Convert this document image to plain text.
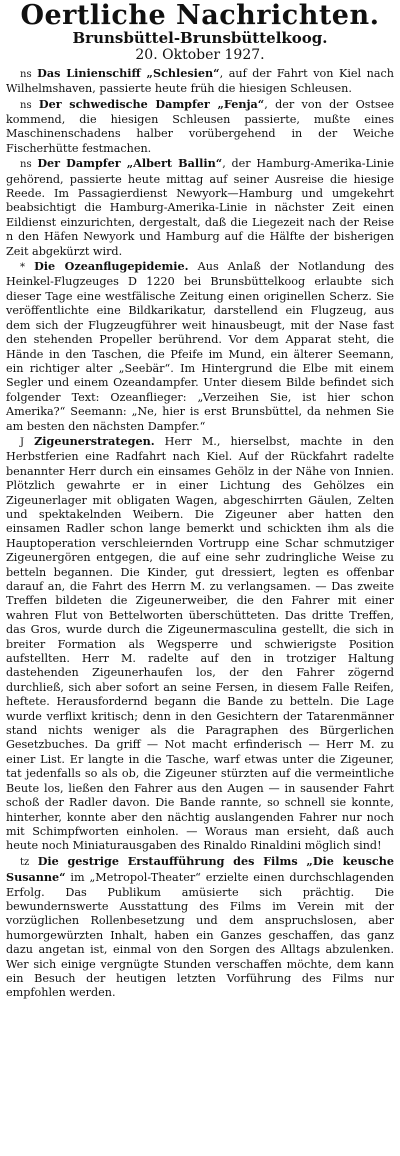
Oertliche Nachrichten.
Brunsbüttel-Brunsbüttelkoog.
20. Oktober 1927.

ns Das Linienschiff „Schlesien“, auf der Fahrt von Kiel nach Wilhelmshaven, passierte heute früh die hiesigen Schleusen.

ns Der schwedische Dampfer „Fenja“, der von der Ostsee kommend, die hiesigen Schleusen passierte, mußte eines Maschinenschadens halber vorübergehend in der Weiche Fischerhütte festmachen.

ns Der Dampfer „Albert Ballin“, der Hamburg-Amerika-Linie gehörend, passierte heute mittag auf seiner Ausreise die hiesige Reede. Im Passagierdienst Newyork—Hamburg und umgekehrt beabsichtigt die Hamburg-Amerika-Linie in nächster Zeit einen Eildienst einzurichten, dergestalt, daß die Liegezeit nach der Reise n den Häfen Newyork und Hamburg auf die Hälfte der bisherigen Zeit abgekürzt wird.

* Die Ozeanflugepidemie. Aus Anlaß der Notlandung des Heinkel-Flugzeuges D 1220 bei Brunsbüttelkoog erlaubte sich dieser Tage eine westfälische Zeitung einen originellen Scherz. Sie veröffentlichte eine Bildkarikatur, darstellend ein Flugzeug, aus dem sich der Flugzeugführer weit hinausbeugt, mit der Nase fast den stehenden Propeller berührend. Vor dem Apparat steht, die Hände in den Taschen, die Pfeife im Mund, ein älterer Seemann, ein richtiger alter „Seebär“. Im Hintergrund die Elbe mit einem Segler und einem Ozeandampfer. Unter diesem Bilde befindet sich folgender Text: Ozeanflieger: „Verzeihen Sie, ist hier schon Amerika?“ Seemann: „Ne, hier is erst Brunsbüttel, da nehmen Sie am besten den nächsten Dampfer.“

J Zigeunerstrategen. Herr M., hierselbst, machte in den Herbstferien eine Radfahrt nach Kiel. Auf der Rückfahrt radelte benannter Herr durch ein einsames Gehölz in der Nähe von Innien. Plötzlich gewahrte er in einer Lichtung des Gehölzes ein Zigeunerlager mit obligaten Wagen, abgeschirrten Gäulen, Zelten und spektakelnden Weibern. Die Zigeuner aber hatten den einsamen Radler schon lange bemerkt und schickten ihm als die Hauptoperation verschleiernden Vortrupp eine Schar schmutziger Zigeunergören entgegen, die auf eine sehr zudringliche Weise zu betteln begannen. Die Kinder, gut dressiert, legten es offenbar darauf an, die Fahrt des Herrn M. zu verlangsamen. — Das zweite Treffen bildeten die Zigeunerweiber, die den Fahrer mit einer wahren Flut von Bettelworten überschütteten. Das dritte Treffen, das Gros, wurde durch die Zigeunermasculina gestellt, die sich in breiter Formation als Wegsperre und schwierigste Position aufstellten. Herr M. radelte auf den in trotziger Haltung dastehenden Zigeunerhaufen los, der den Fahrer zögernd durchließ, sich aber sofort an seine Fersen, in diesem Falle Reifen, heftete. Herausfordernd begann die Bande zu betteln. Die Lage wurde verflixt kritisch; denn in den Gesichtern der Tatarenmänner stand nichts weniger als die Paragraphen des Bürgerlichen Gesetzbuches. Da griff — Not macht erfinderisch — Herr M. zu einer List. Er langte in die Tasche, warf etwas unter die Zigeuner, tat jedenfalls so als ob, die Zigeuner stürzten auf die vermeintliche Beute los, ließen den Fahrer aus den Augen — in sausender Fahrt schoß der Radler davon. Die Bande rannte, so schnell sie konnte, hinterher, konnte aber den nächtig auslangenden Fahrer nur noch mit Schimpfworten einholen. — Woraus man ersieht, daß auch heute noch Miniaturausgaben des Rinaldo Rinaldini möglich sind!

tz Die gestrige Erstaufführung des Films „Die keusche Susanne“ im „Metropol-Theater“ erzielte einen durchschlagenden Erfolg. Das Publikum amüsierte sich prächtig. Die bewundernswerte Ausstattung des Films im Verein mit der vorzüglichen Rollenbesetzung und dem anspruchslosen, aber humorgewürzten Inhalt, haben ein Ganzes geschaffen, das ganz dazu angetan ist, einmal von den Sorgen des Alltags abzulenken. Wer sich einige vergnügte Stunden verschaffen möchte, dem kann ein Besuch der heutigen letzten Vorführung des Films nur empfohlen werden.
